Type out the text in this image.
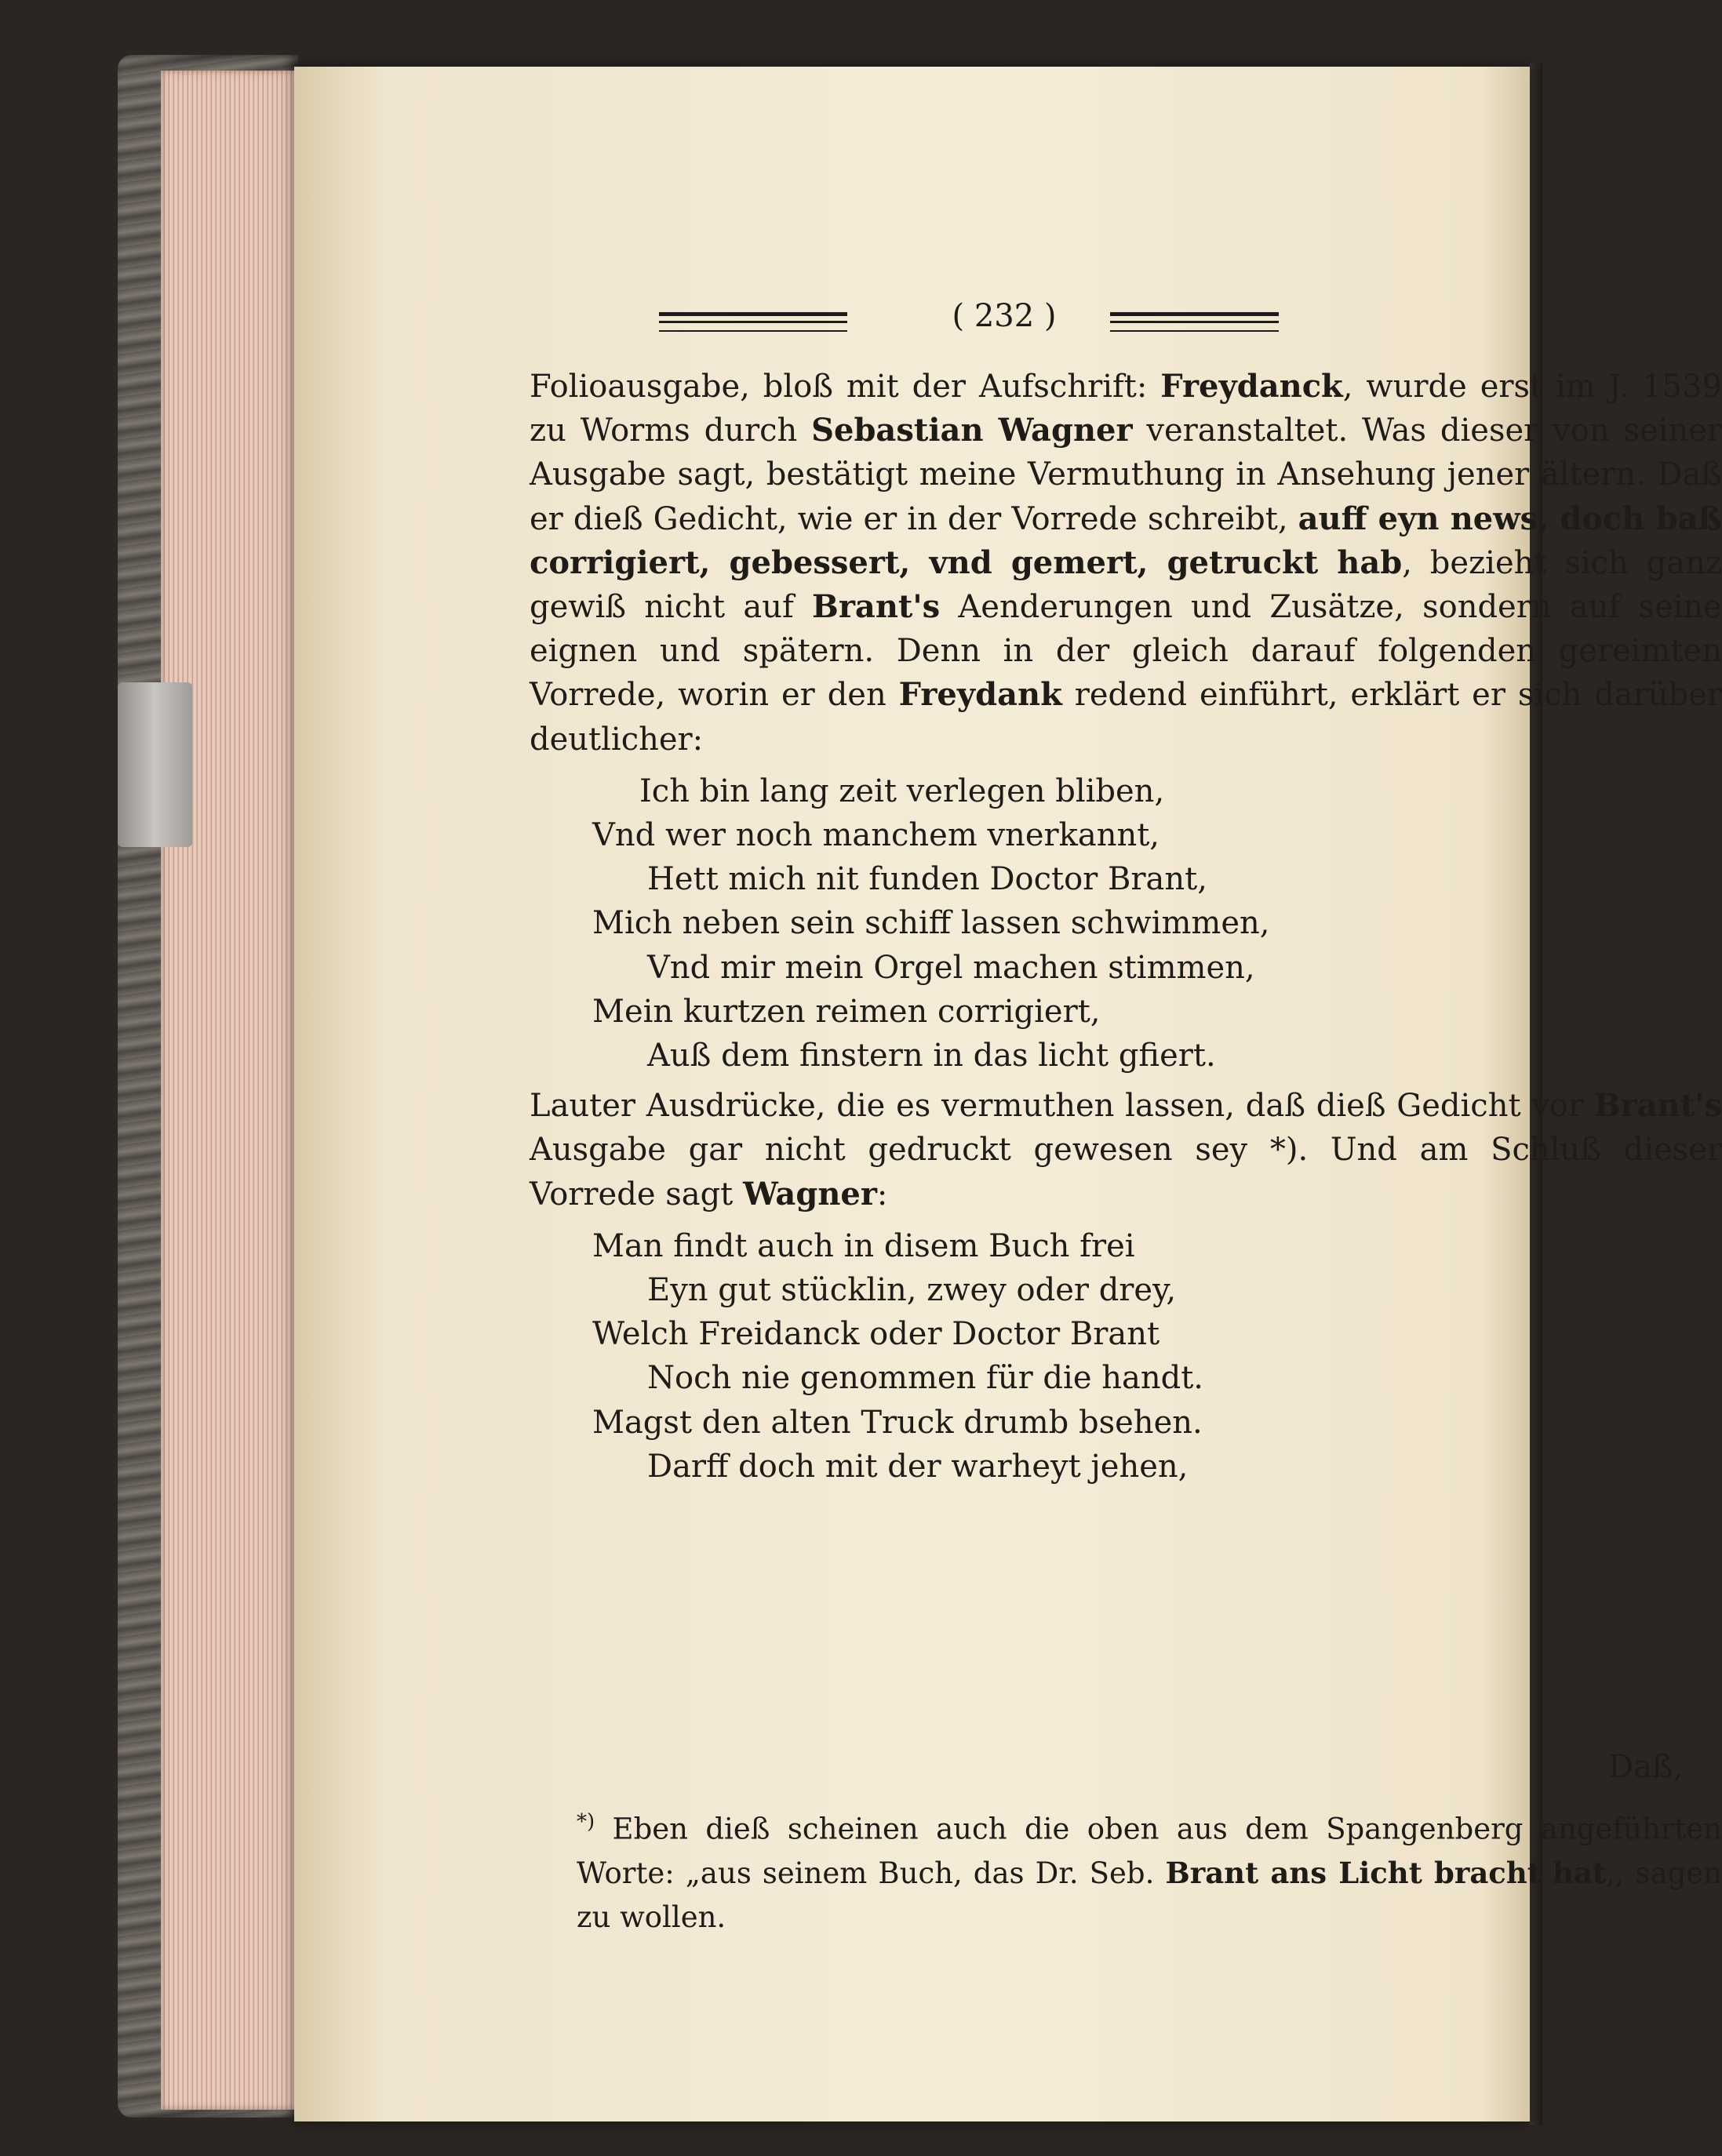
( 232 )

Folioausgabe, bloß mit der Aufschrift: Freydanck, wurde erst im J. 1539 zu Worms durch Sebastian Wagner veranstaltet. Was dieser von seiner Ausgabe sagt, bestätigt meine Vermuthung in Ansehung jener ältern. Daß er dieß Gedicht, wie er in der Vorrede schreibt, auff eyn news, doch baß corrigiert, gebessert, vnd gemert, getruckt hab, bezieht sich ganz gewiß nicht auf Brant's Aenderungen und Zusätze, sondern auf seine eignen und spätern. Denn in der gleich darauf folgenden gereimten Vorrede, worin er den Freydank redend einführt, erklärt er sich darüber deutlicher:

Ich bin lang zeit verlegen bliben,
Vnd wer noch manchem vnerkannt,
Hett mich nit funden Doctor Brant,
Mich neben sein schiff lassen schwimmen,
Vnd mir mein Orgel machen stimmen,
Mein kurtzen reimen corrigiert,
Auß dem finstern in das licht gfiert.

Lauter Ausdrücke, die es vermuthen lassen, daß dieß Gedicht vor Brant's Ausgabe gar nicht gedruckt gewesen sey *). Und am Schluß dieser Vorrede sagt Wagner:

Man findt auch in disem Buch frei
Eyn gut stücklin, zwey oder drey,
Welch Freidanck oder Doctor Brant
Noch nie genommen für die handt.
Magst den alten Truck drumb bsehen.
Darff doch mit der warheyt jehen,
Daß,
*) Eben dieß scheinen auch die oben aus dem Spangenberg angeführten Worte: „aus seinem Buch, das Dr. Seb. Brant ans Licht bracht hat,, sagen zu wollen.
